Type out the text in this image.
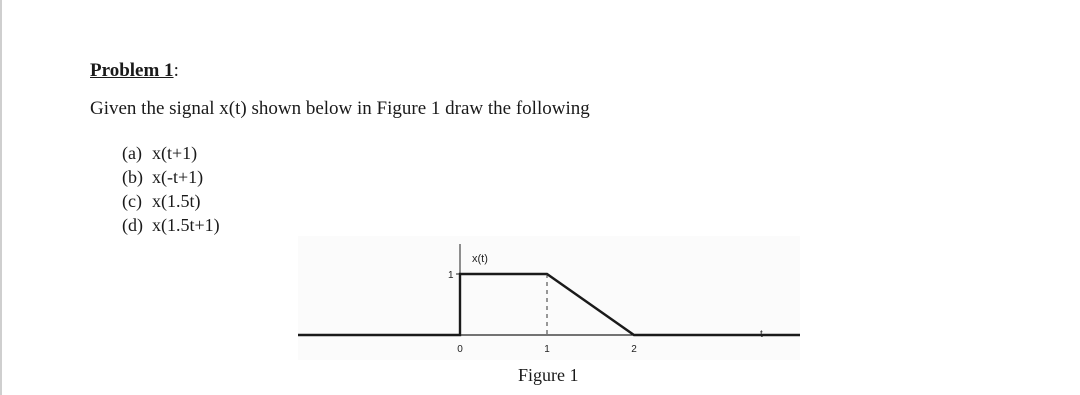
Problem 1:
Given the signal x(t) shown below in Figure 1 draw the following
(a) x(t+1)
(b) x(-t+1)
(c) x(1.5t)
(d) x(1.5t+1)
x(t)
1
t
0	1	2
Figure 1
